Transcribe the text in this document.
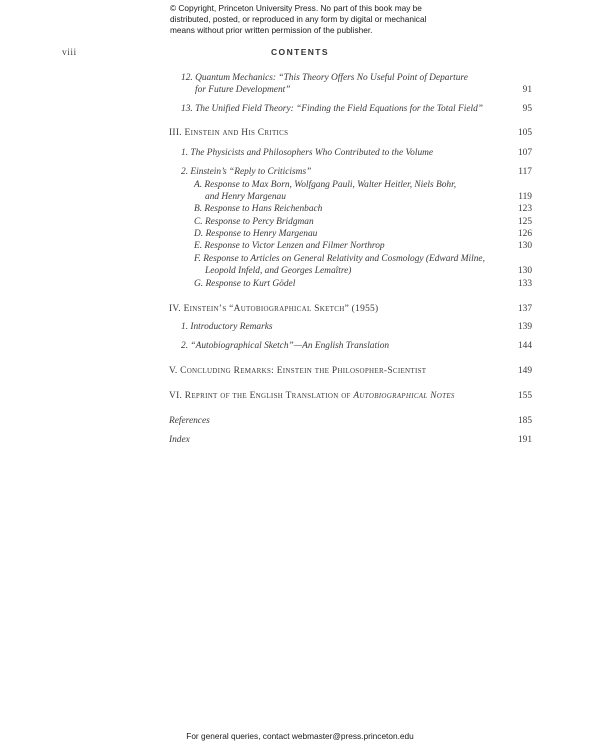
© Copyright, Princeton University Press. No part of this book may be
distributed, posted, or reproduced in any form by digital or mechanical
means without prior written permission of the publisher.
viii	CONTENTS
12. Quantum Mechanics: “This Theory Offers No Useful Point of Departure
for Future Development”	91
13. The Unified Field Theory: “Finding the Field Equations for the Total Field”	95
III. Einstein and His Critics	105
1. The Physicists and Philosophers Who Contributed to the Volume	107
2. Einstein’s “Reply to Criticisms”	117
A. Response to Max Born, Wolfgang Pauli, Walter Heitler, Niels Bohr,
and Henry Margenau	119
B. Response to Hans Reichenbach	123
C. Response to Percy Bridgman	125
D. Response to Henry Margenau	126
E. Response to Victor Lenzen and Filmer Northrop	130
F. Response to Articles on General Relativity and Cosmology (Edward Milne,
Leopold Infeld, and Georges Lemaître)	130
G. Response to Kurt Gödel	133
IV. Einstein’s “Autobiographical Sketch” (1955)	137
1. Introductory Remarks	139
2. “Autobiographical Sketch”—An English Translation	144
V. Concluding Remarks: Einstein the Philosopher-Scientist	149
VI. Reprint of the English Translation of Autobiographical Notes	155
References	185
Index	191
For general queries, contact webmaster@press.princeton.edu
